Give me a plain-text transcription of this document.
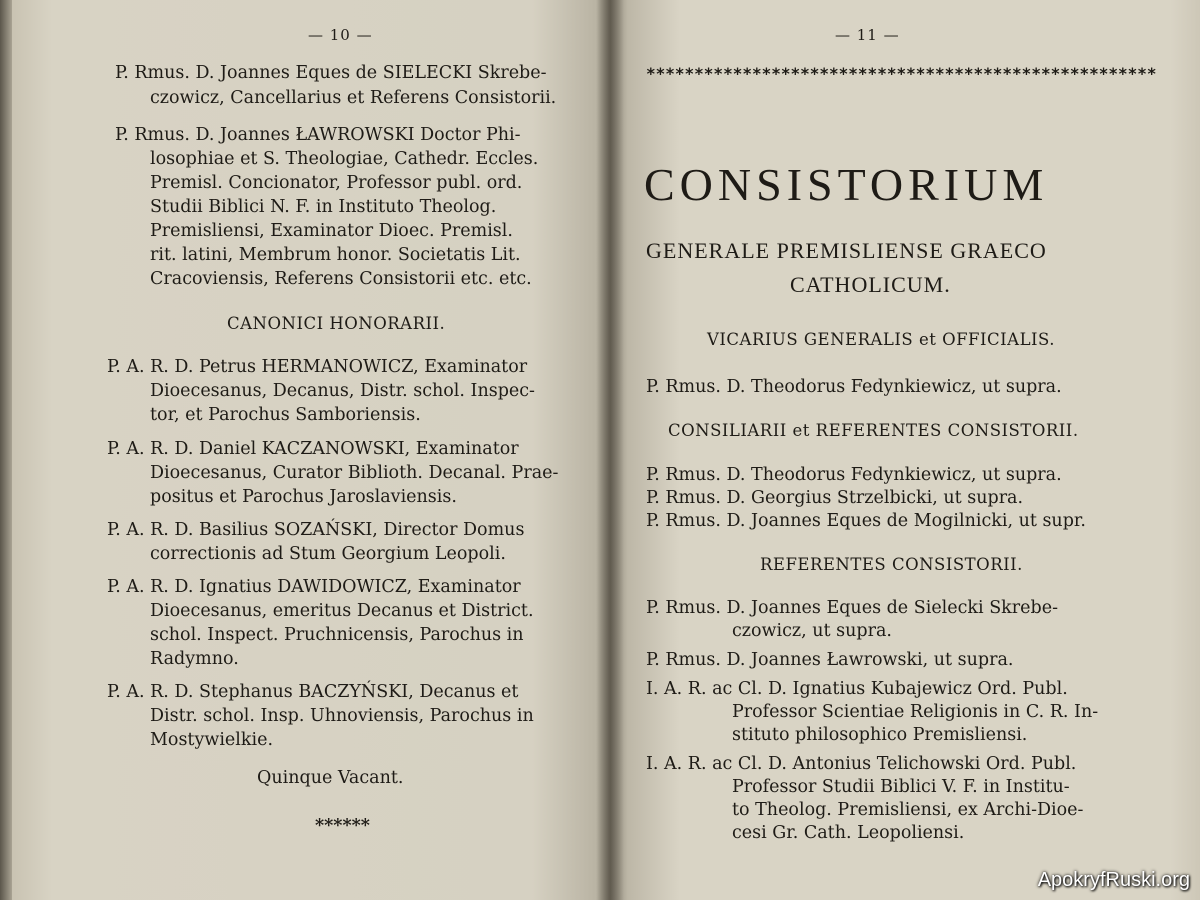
— 10 —
P. Rmus. D. Joannes Eques de SIELECKI Skrebe-
czowicz, Cancellarius et Referens Consistorii.
P. Rmus. D. Joannes ŁAWROWSKI Doctor Phi-
losophiae et S. Theologiae, Cathedr. Eccles.
Premisl. Concionator, Professor publ. ord.
Studii Biblici N. F. in Instituto Theolog.
Premisliensi, Examinator Dioec. Premisl.
rit. latini, Membrum honor. Societatis Lit.
Cracoviensis, Referens Consistorii etc. etc.
CANONICI HONORARII.
P. A. R. D. Petrus HERMANOWICZ, Examinator
Dioecesanus, Decanus, Distr. schol. Inspec-
tor, et Parochus Samboriensis.
P. A. R. D. Daniel KACZANOWSKI, Examinator
Dioecesanus, Curator Biblioth. Decanal. Prae-
positus et Parochus Jaroslaviensis.
P. A. R. D. Basilius SOZAŃSKI, Director Domus
correctionis ad Stum Georgium Leopoli.
P. A. R. D. Ignatius DAWIDOWICZ, Examinator
Dioecesanus, emeritus Decanus et District.
schol. Inspect. Pruchnicensis, Parochus in
Radymno.
P. A. R. D. Stephanus BACZYŃSKI, Decanus et
Distr. schol. Insp. Uhnoviensis, Parochus in
Mostywielkie.
Quinque Vacant.
******
— 11 —
*****************************************************
CONSISTORIUM
GENERALE PREMISLIENSE GRAECO
CATHOLICUM.
VICARIUS GENERALIS et OFFICIALIS.
P. Rmus. D. Theodorus Fedynkiewicz, ut supra.
CONSILIARII et REFERENTES CONSISTORII.
P. Rmus. D. Theodorus Fedynkiewicz, ut supra.
P. Rmus. D. Georgius Strzelbicki, ut supra.
P. Rmus. D. Joannes Eques de Mogilnicki, ut supr.
REFERENTES CONSISTORII.
P. Rmus. D. Joannes Eques de Sielecki Skrebe-
czowicz, ut supra.
P. Rmus. D. Joannes Ławrowski, ut supra.
I. A. R. ac Cl. D. Ignatius Kubajewicz Ord. Publ.
Professor Scientiae Religionis in C. R. In-
stituto philosophico Premisliensi.
I. A. R. ac Cl. D. Antonius Telichowski Ord. Publ.
Professor Studii Biblici V. F. in Institu-
to Theolog. Premisliensi, ex Archi-Dioe-
cesi Gr. Cath. Leopoliensi.
ApokryfRuski.org
